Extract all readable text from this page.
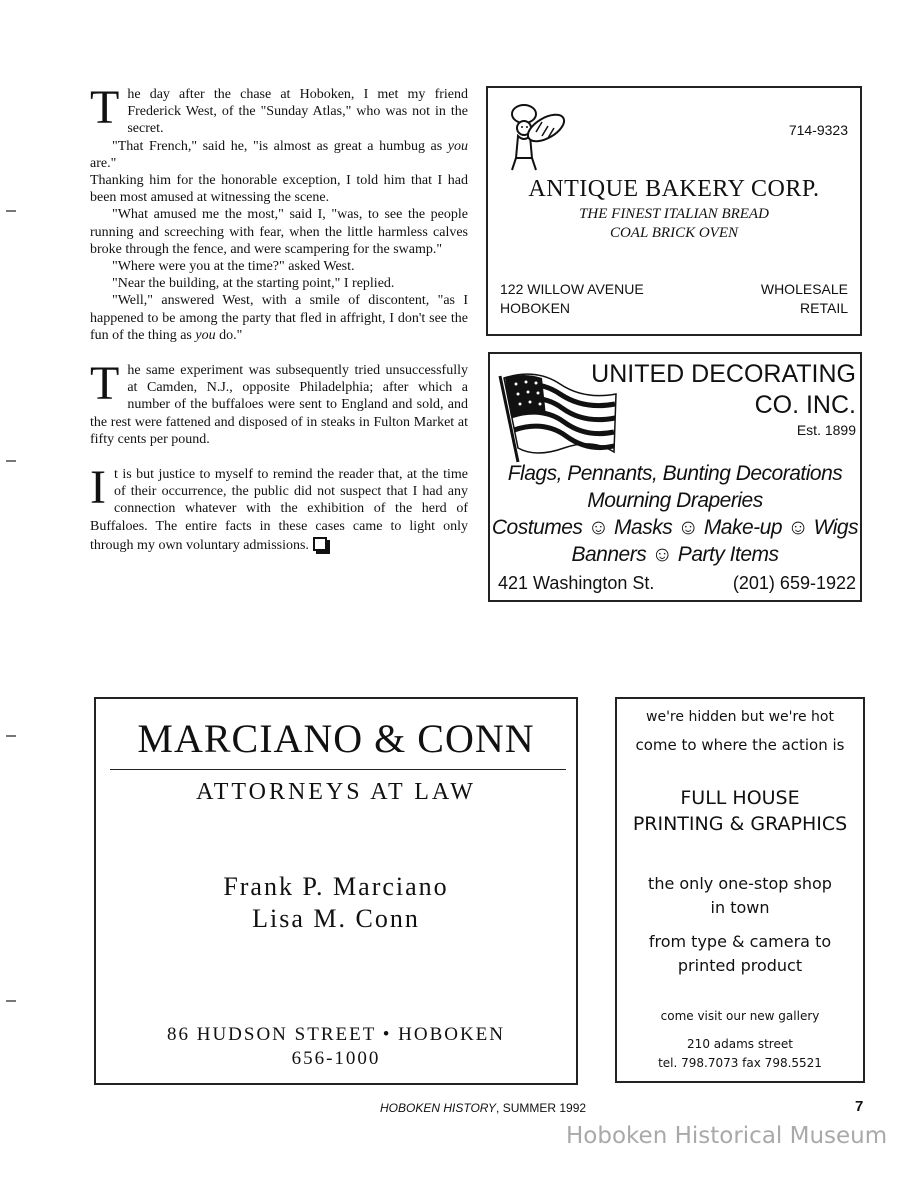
The day after the chase at Hoboken, I met my friend Frederick West, of the "Sunday Atlas," who was not in the secret.

"That French," said he, "is almost as great a humbug as you are."

Thanking him for the honorable exception, I told him that I had been most amused at witnessing the scene.

"What amused me the most," said I, "was, to see the people running and screeching with fear, when the little harmless calves broke through the fence, and were scampering for the swamp."

"Where were you at the time?" asked West.

"Near the building, at the starting point," I replied.

"Well," answered West, with a smile of discontent, "as I happened to be among the party that fled in affright, I don't see the fun of the thing as you do."

The same experiment was subsequently tried unsuccessfully at Camden, N.J., opposite Philadelphia; after which a number of the buffaloes were sent to England and sold, and the rest were fattened and disposed of in steaks in Fulton Market at fifty cents per pound.

It is but justice to myself to remind the reader that, at the time of their occurrence, the public did not suspect that I had any connection whatever with the exhibition of the herd of Buffaloes. The entire facts in these cases came to light only through my own voluntary admissions.

714-9323
ANTIQUE BAKERY CORP.
THE FINEST ITALIAN BREAD
COAL BRICK OVEN
122 WILLOW AVENUE
HOBOKEN
WHOLESALE
RETAIL
UNITED DECORATING
CO. INC.
Est. 1899
Flags, Pennants, Bunting Decorations
Mourning Draperies
Costumes ☺ Masks ☺ Make-up ☺ Wigs
Banners ☺ Party Items
421 Washington St.	(201) 659-1922
MARCIANO & CONN
ATTORNEYS AT LAW
Frank P. Marciano
Lisa M. Conn
86 HUDSON STREET • HOBOKEN
656-1000
we're hidden but we're hot
come to where the action is
FULL HOUSE
PRINTING & GRAPHICS
the only one-stop shop
in town
from type & camera to
printed product
come visit our new gallery
210 adams street
tel. 798.7073 fax 798.5521
HOBOKEN HISTORY, SUMMER 1992	7
Hoboken Historical Museum
